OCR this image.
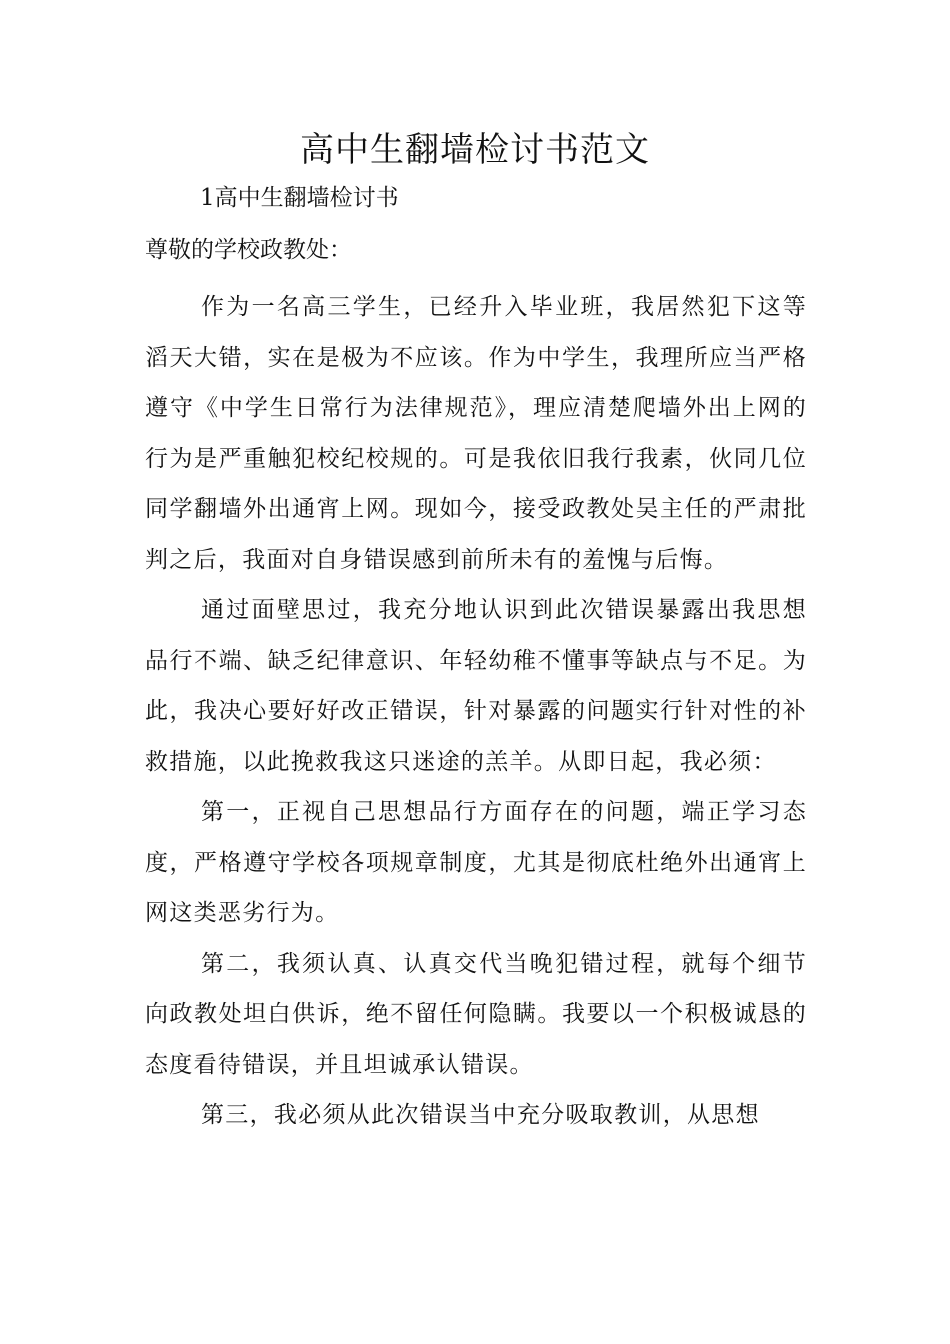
高中生翻墙检讨书范文

1高中生翻墙检讨书

尊敬的学校政教处：

作为一名高三学生，已经升入毕业班，我居然犯下这等滔天大错，实在是极为不应该。作为中学生，我理所应当严格遵守《中学生日常行为法律规范》，理应清楚爬墙外出上网的行为是严重触犯校纪校规的。可是我依旧我行我素，伙同几位同学翻墙外出通宵上网。现如今，接受政教处吴主任的严肃批判之后，我面对自身错误感到前所未有的羞愧与后悔。

通过面壁思过，我充分地认识到此次错误暴露出我思想品行不端、缺乏纪律意识、年轻幼稚不懂事等缺点与不足。为此，我决心要好好改正错误，针对暴露的问题实行针对性的补救措施，以此挽救我这只迷途的羔羊。从即日起，我必须：

第一，正视自己思想品行方面存在的问题，端正学习态度，严格遵守学校各项规章制度，尤其是彻底杜绝外出通宵上网这类恶劣行为。

第二，我须认真、认真交代当晚犯错过程，就每个细节向政教处坦白供诉，绝不留任何隐瞒。我要以一个积极诚恳的态度看待错误，并且坦诚承认错误。

第三，我必须从此次错误当中充分吸取教训，从思想
